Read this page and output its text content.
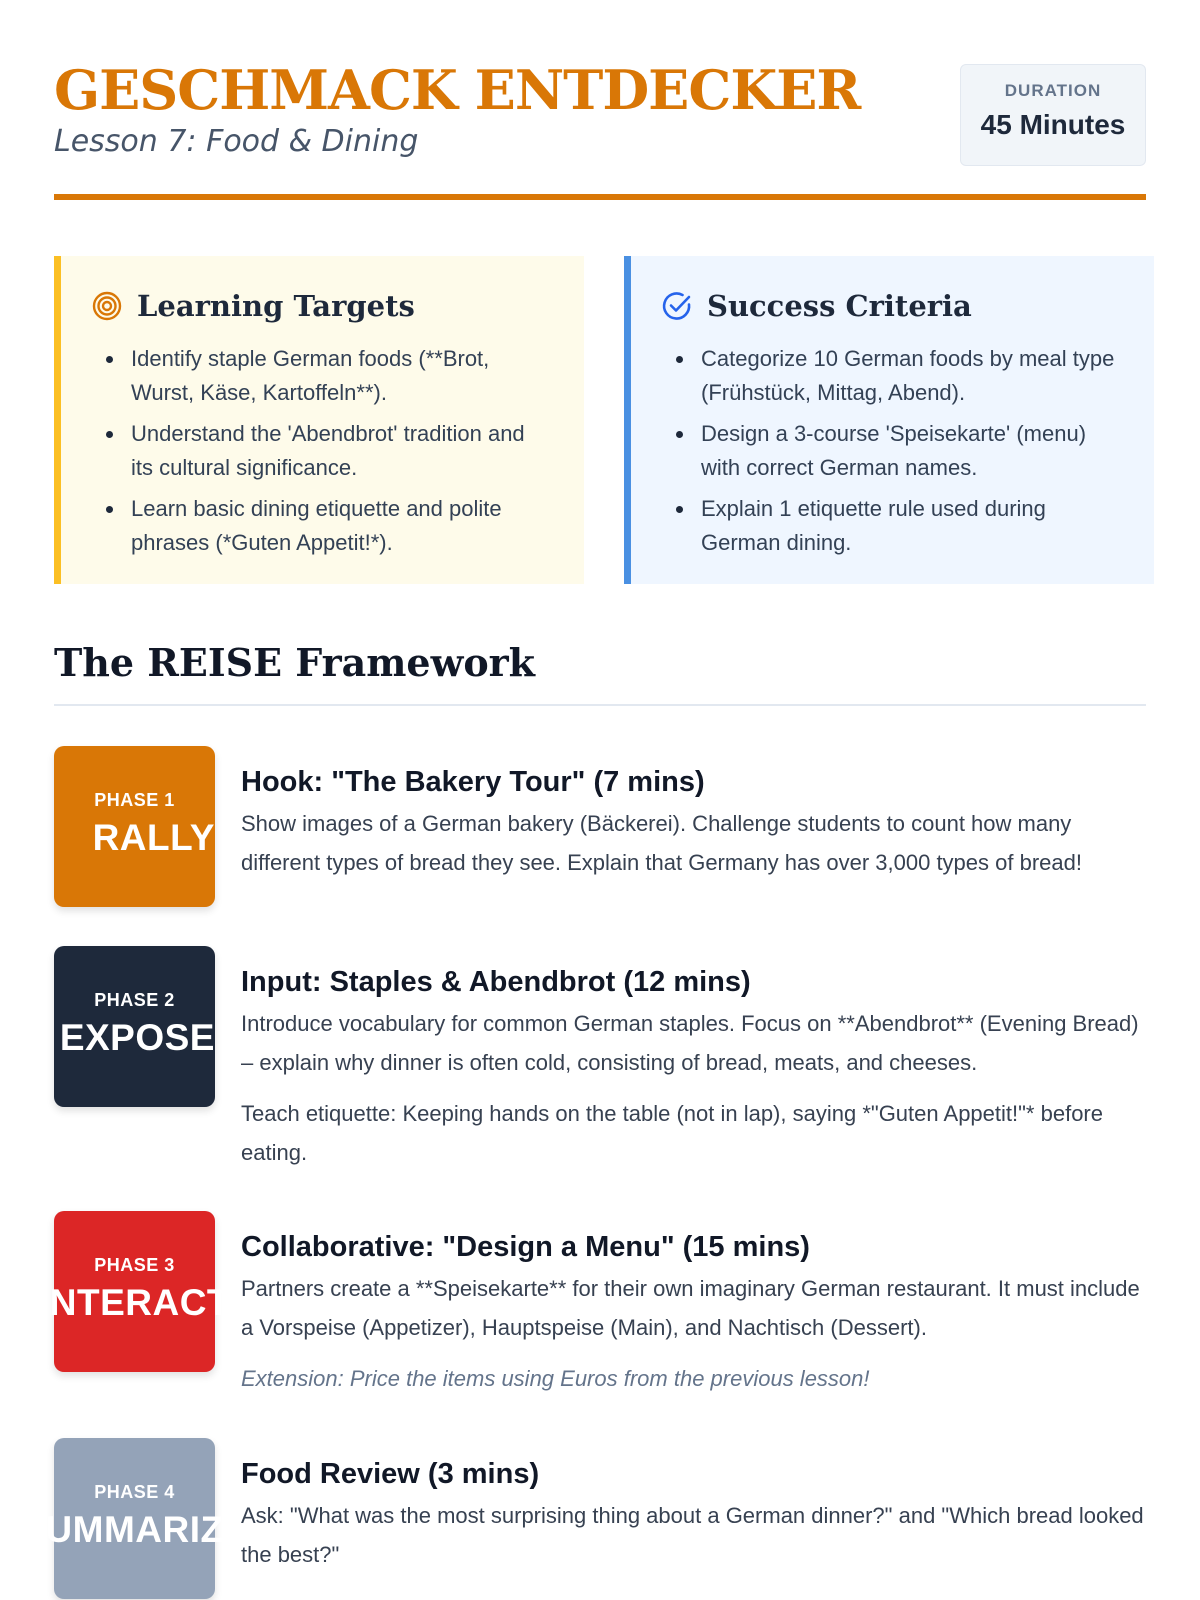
GESCHMACK ENTDECKER
Lesson 7: Food & Dining
DURATION
45 Minutes
Learning Targets
Identify staple German foods (**Brot, Wurst, Käse, Kartoffeln**).
Understand the 'Abendbrot' tradition and its cultural significance.
Learn basic dining etiquette and polite phrases (*Guten Appetit!*).
Success Criteria
Categorize 10 German foods by meal type (Frühstück, Mittag, Abend).
Design a 3-course 'Speisekarte' (menu) with correct German names.
Explain 1 etiquette rule used during German dining.
The REISE Framework
PHASE 1
RALLY
Hook: "The Bakery Tour" (7 mins)
Show images of a German bakery (Bäckerei). Challenge students to count how many different types of bread they see. Explain that Germany has over 3,000 types of bread!
PHASE 2
EXPOSE
Input: Staples & Abendbrot (12 mins)
Introduce vocabulary for common German staples. Focus on **Abendbrot** (Evening Bread) – explain why dinner is often cold, consisting of bread, meats, and cheeses.
Teach etiquette: Keeping hands on the table (not in lap), saying *"Guten Appetit!"* before eating.
PHASE 3
INTERACT
Collaborative: "Design a Menu" (15 mins)
Partners create a **Speisekarte** for their own imaginary German restaurant. It must include a Vorspeise (Appetizer), Hauptspeise (Main), and Nachtisch (Dessert).
Extension: Price the items using Euros from the previous lesson!
PHASE 4
SUMMARIZE
Food Review (3 mins)
Ask: "What was the most surprising thing about a German dinner?" and "Which bread looked the best?"
